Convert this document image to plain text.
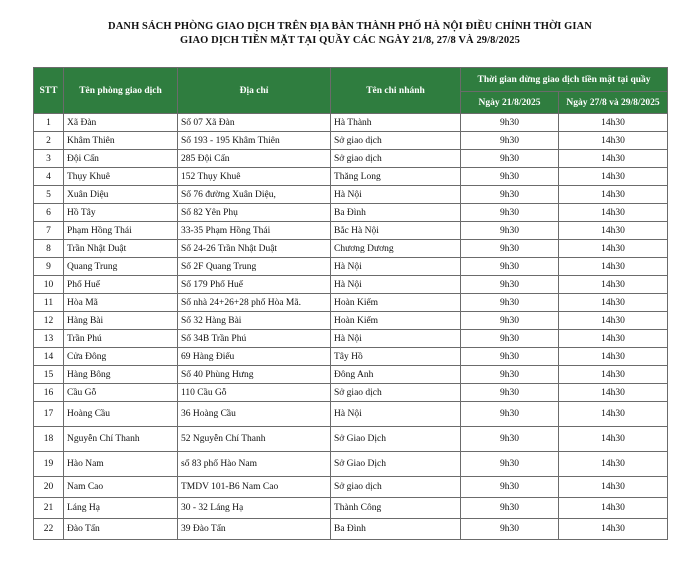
DANH SÁCH PHÒNG GIAO DỊCH TRÊN ĐỊA BÀN THÀNH PHỐ HÀ NỘI ĐIỀU CHỈNH THỜI GIAN
GIAO DỊCH TIỀN MẶT TẠI QUẦY CÁC NGÀY 21/8, 27/8 VÀ 29/8/2025
STT	Tên phòng giao dịch	Địa chỉ	Tên chi nhánh	Thời gian dừng giao dịch tiền mặt tại quầy	
				Ngày 21/8/2025	Ngày 27/8 và 29/8/2025
1	Xã Đàn	Số 07 Xã Đàn	Hà Thành	9h30	14h30
2	Khâm Thiên	Số 193 - 195 Khâm Thiên	Sở giao dịch	9h30	14h30
3	Đội Cấn	285 Đội Cấn	Sở giao dịch	9h30	14h30
4	Thụy Khuê	152 Thụy Khuê	Thăng Long	9h30	14h30
5	Xuân Diệu	Số 76 đường Xuân Diệu,	Hà Nội	9h30	14h30
6	Hồ Tây	Số 82 Yên Phụ	Ba Đình	9h30	14h30
7	Phạm Hồng Thái	33-35 Phạm Hồng Thái	Bắc Hà Nội	9h30	14h30
8	Trần Nhật Duật	Số 24-26 Trần Nhật Duật	Chương Dương	9h30	14h30
9	Quang Trung	Số 2F Quang Trung	Hà Nội	9h30	14h30
10	Phố Huế	Số 179 Phố Huế	Hà Nội	9h30	14h30
11	Hòa Mã	Số nhà 24+26+28 phố Hòa Mã.	Hoàn Kiếm	9h30	14h30
12	Hàng Bài	Số 32 Hàng Bài	Hoàn Kiếm	9h30	14h30
13	Trần Phú	Số 34B Trần Phú	Hà Nội	9h30	14h30
14	Cửa Đông	69 Hàng Điếu	Tây Hồ	9h30	14h30
15	Hàng Bông	Số 40 Phùng Hưng	Đông Anh	9h30	14h30
16	Cầu Gỗ	110 Cầu Gỗ	Sở giao dịch	9h30	14h30
17	Hoàng Cầu	36 Hoàng Cầu	Hà Nội	9h30	14h30
18	Nguyễn Chí Thanh	52 Nguyễn Chí Thanh	Sở Giao Dịch	9h30	14h30
19	Hào Nam	số 83 phố Hào Nam	Sở Giao Dịch	9h30	14h30
20	Nam Cao	TMDV 101-B6 Nam Cao	Sở giao dịch	9h30	14h30
21	Láng Hạ	30 - 32 Láng Hạ	Thành Công	9h30	14h30
22	Đào Tấn	39 Đào Tấn	Ba Đình	9h30	14h30
